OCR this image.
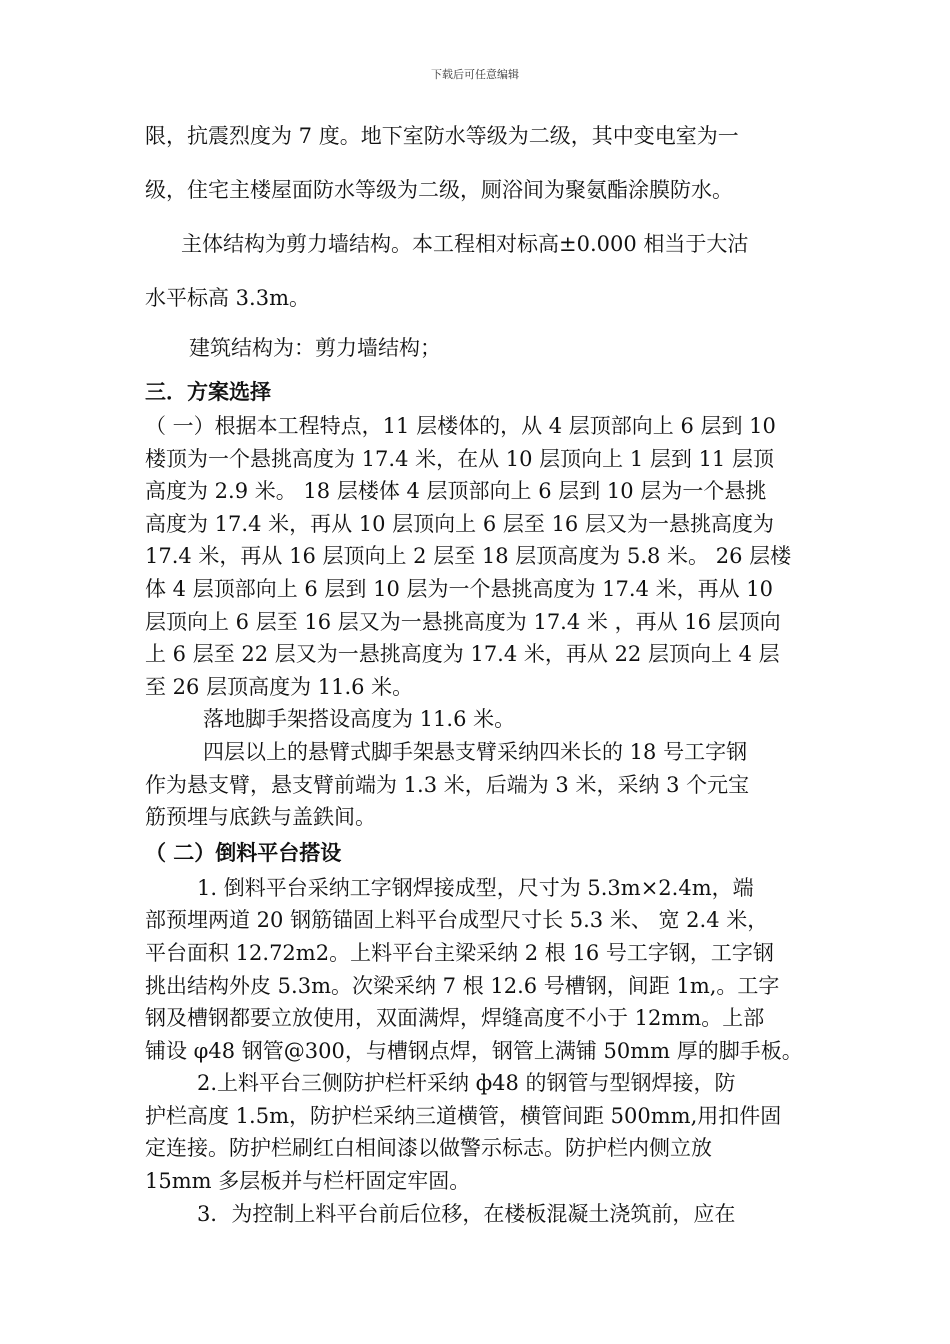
下载后可任意编辑

限，抗震烈度为 7 度。地下室防水等级为二级，其中变电室为一

级，住宅主楼屋面防水等级为二级，厕浴间为聚氨酯涂膜防水。

主体结构为剪力墙结构。本工程相对标高±0.000 相当于大沽

水平标高 3.3m。

建筑结构为：剪力墙结构；

三．方案选择

（ 一）根据本工程特点，11 层楼体的，从 4 层顶部向上 6 层到 10
楼顶为一个悬挑高度为 17.4 米，在从 10 层顶向上 1 层到 11 层顶
高度为 2.9 米。 18 层楼体 4 层顶部向上 6 层到 10 层为一个悬挑
高度为 17.4 米，再从 10 层顶向上 6 层至 16 层又为一悬挑高度为
17.4 米，再从 16 层顶向上 2 层至 18 层顶高度为 5.8 米。 26 层楼
体 4 层顶部向上 6 层到 10 层为一个悬挑高度为 17.4 米，再从 10
层顶向上 6 层至 16 层又为一悬挑高度为 17.4 米 ，再从 16 层顶向
上 6 层至 22 层又为一悬挑高度为 17.4 米，再从 22 层顶向上 4 层
至 26 层顶高度为 11.6 米。
落地脚手架搭设高度为 11.6 米。
四层以上的悬臂式脚手架悬支臂采纳四米长的 18 号工字钢
作为悬支臂，悬支臂前端为 1.3 米，后端为 3 米，采纳 3 个元宝
筋预埋与底鉄与盖鉄间。
（ 二）倒料平台搭设
1. 倒料平台采纳工字钢焊接成型，尺寸为 5.3m×2.4m，端
部预埋两道 20 钢筋锚固上料平台成型尺寸长 5.3 米、 宽 2.4 米，
平台面积 12.72m2。上料平台主梁采纳 2 根 16 号工字钢，工字钢
挑出结构外皮 5.3m。次梁采纳 7 根 12.6 号槽钢，间距 1m,。工字
钢及槽钢都要立放使用，双面满焊，焊缝高度不小于 12mm。上部
铺设 φ48 钢管@300，与槽钢点焊，钢管上满铺 50mm 厚的脚手板。
2.上料平台三侧防护栏杆采纳 ф48 的钢管与型钢焊接，防
护栏高度 1.5m，防护栏采纳三道横管，横管间距 500mm,用扣件固
定连接。防护栏刷红白相间漆以做警示标志。防护栏内侧立放
15mm 多层板并与栏杆固定牢固。
3．为控制上料平台前后位移，在楼板混凝土浇筑前，应在
